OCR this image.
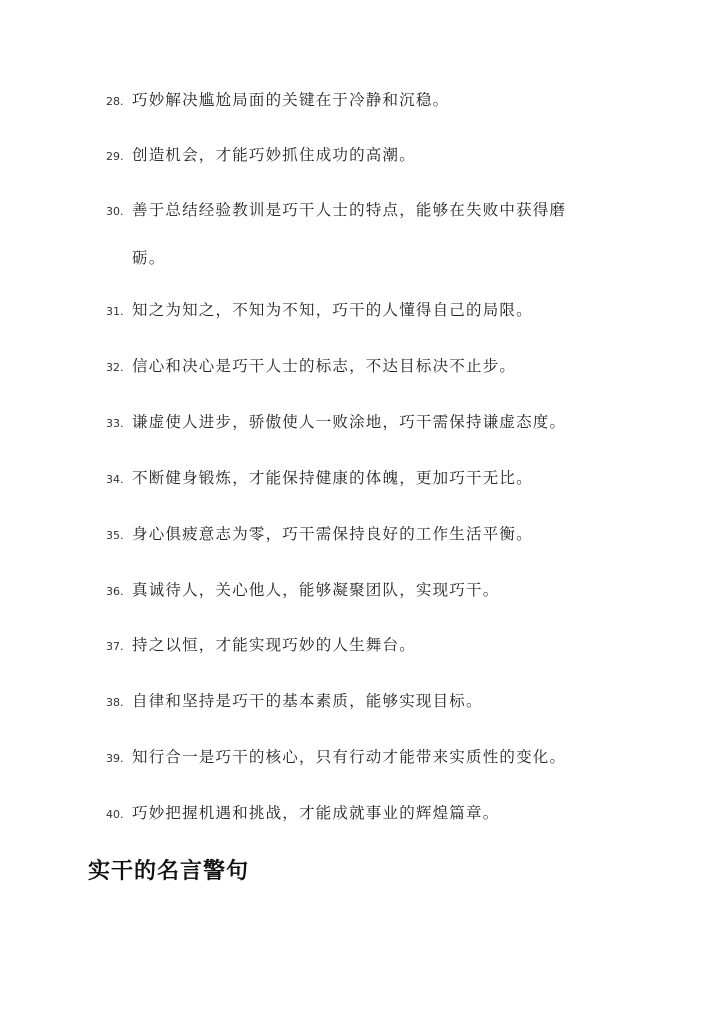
28. 巧妙解决尴尬局面的关键在于冷静和沉稳。
29. 创造机会，才能巧妙抓住成功的高潮。
30. 善于总结经验教训是巧干人士的特点，能够在失败中获得磨
砺。
31. 知之为知之，不知为不知，巧干的人懂得自己的局限。
32. 信心和决心是巧干人士的标志，不达目标决不止步。
33. 谦虚使人进步，骄傲使人一败涂地，巧干需保持谦虚态度。
34. 不断健身锻炼，才能保持健康的体魄，更加巧干无比。
35. 身心俱疲意志为零，巧干需保持良好的工作生活平衡。
36. 真诚待人，关心他人，能够凝聚团队，实现巧干。
37. 持之以恒，才能实现巧妙的人生舞台。
38. 自律和坚持是巧干的基本素质，能够实现目标。
39. 知行合一是巧干的核心，只有行动才能带来实质性的变化。
40. 巧妙把握机遇和挑战，才能成就事业的辉煌篇章。
实干的名言警句
